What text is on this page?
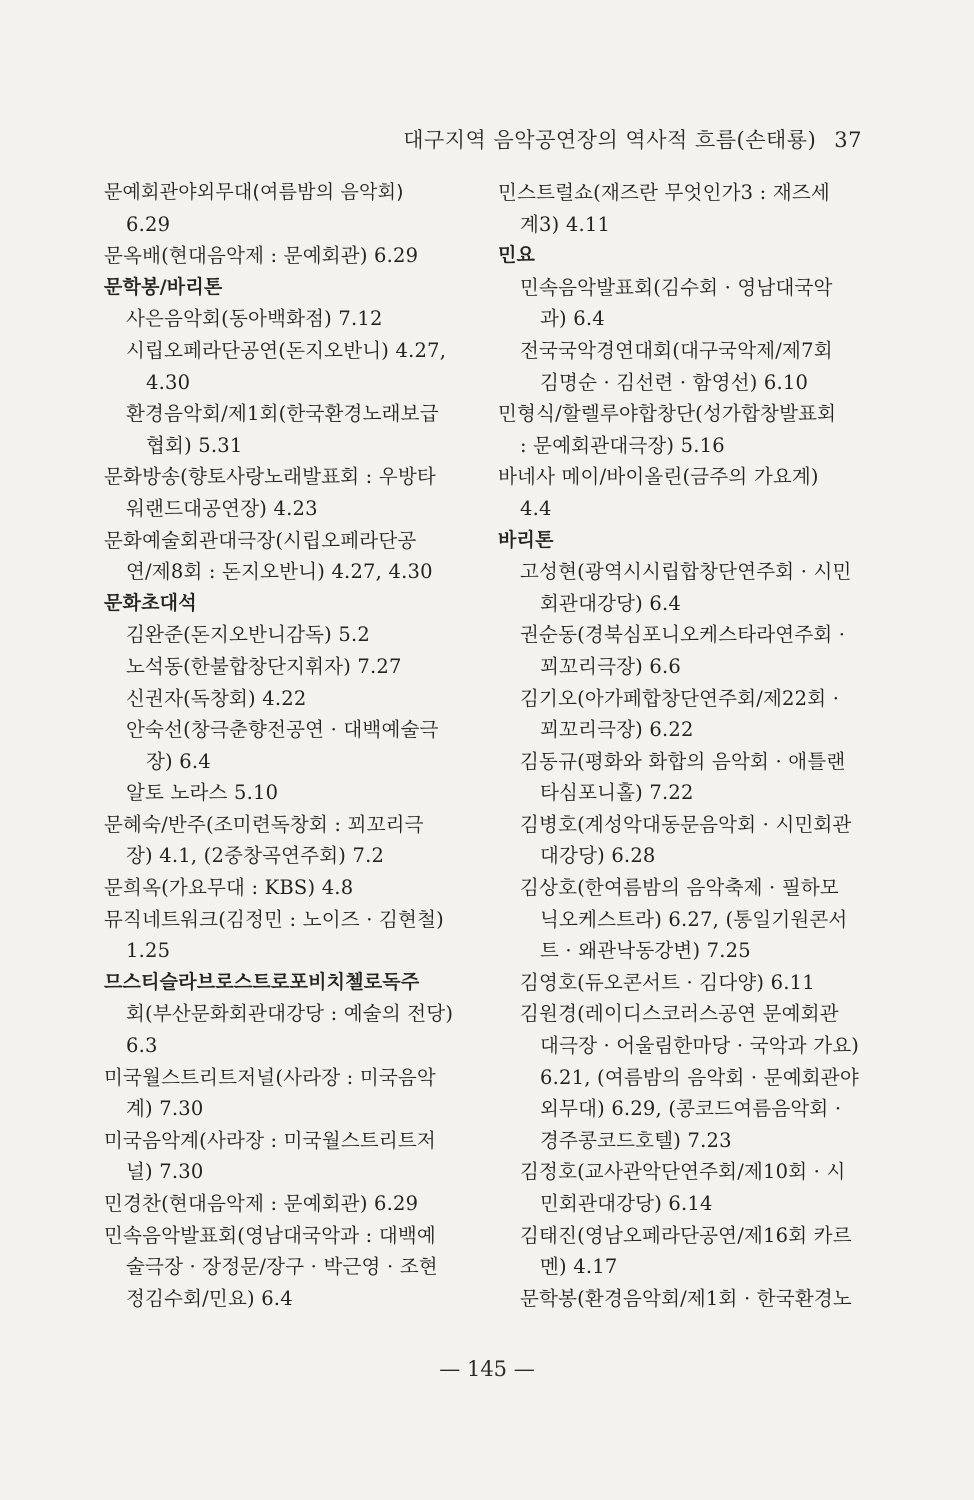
대구지역 음악공연장의 역사적 흐름(손태룡) 37
문예회관야외무대(여름밤의 음악회)
6.29
문옥배(현대음악제 : 문예회관) 6.29
문학봉/바리톤
사은음악회(동아백화점) 7.12
시립오페라단공연(돈지오반니) 4.27,
4.30
환경음악회/제1회(한국환경노래보급
협회) 5.31
문화방송(향토사랑노래발표회 : 우방타
워랜드대공연장) 4.23
문화예술회관대극장(시립오페라단공
연/제8회 : 돈지오반니) 4.27, 4.30
문화초대석
김완준(돈지오반니감독) 5.2
노석동(한불합창단지휘자) 7.27
신권자(독창회) 4.22
안숙선(창극춘향전공연 · 대백예술극
장) 6.4
알토 노라스 5.10
문혜숙/반주(조미련독창회 : 꾀꼬리극
장) 4.1, (2중창곡연주회) 7.2
문희옥(가요무대 : KBS) 4.8
뮤직네트워크(김정민 : 노이즈 · 김현철)
1.25
므스티슬라브로스트로포비치첼로독주
회(부산문화회관대강당 : 예술의 전당)
6.3
미국월스트리트저널(사라장 : 미국음악
계) 7.30
미국음악계(사라장 : 미국월스트리트저
널) 7.30
민경찬(현대음악제 : 문예회관) 6.29
민속음악발표회(영남대국악과 : 대백예
술극장 · 장정문/장구 · 박근영 · 조현
정김수회/민요) 6.4
민스트럴쇼(재즈란 무엇인가3 : 재즈세
계3) 4.11
민요
민속음악발표회(김수회 · 영남대국악
과) 6.4
전국국악경연대회(대구국악제/제7회
김명순 · 김선련 · 함영선) 6.10
민형식/할렐루야합창단(성가합창발표회
: 문예회관대극장) 5.16
바네사 메이/바이올린(금주의 가요계)
4.4
바리톤
고성현(광역시시립합창단연주회 · 시민
회관대강당) 6.4
권순동(경북심포니오케스타라연주회 ·
꾀꼬리극장) 6.6
김기오(아가페합창단연주회/제22회 ·
꾀꼬리극장) 6.22
김동규(평화와 화합의 음악회 · 애틀랜
타심포니홀) 7.22
김병호(계성악대동문음악회 · 시민회관
대강당) 6.28
김상호(한여름밤의 음악축제 · 필하모
닉오케스트라) 6.27, (통일기원콘서
트 · 왜관낙동강변) 7.25
김영호(듀오콘서트 · 김다양) 6.11
김원경(레이디스코러스공연 문예회관
대극장 · 어울림한마당 · 국악과 가요)
6.21, (여름밤의 음악회 · 문예회관야
외무대) 6.29, (콩코드여름음악회 ·
경주콩코드호텔) 7.23
김정호(교사관악단연주회/제10회 · 시
민회관대강당) 6.14
김태진(영남오페라단공연/제16회 카르
멘) 4.17
문학봉(환경음악회/제1회 · 한국환경노
— 145 —
